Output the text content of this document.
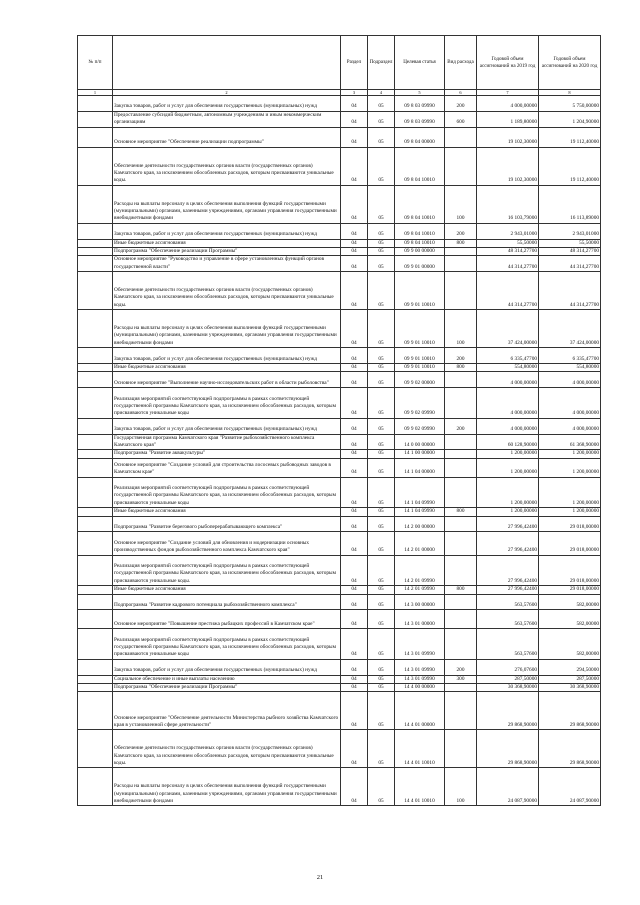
№ п/п		Раздел	Подраздел	Целевая статья	Вид расхода	Годовой объем ассигнований на 2019 год	Годовой объем ассигнований на 2020 год
1	2	3	4	5	6	7	8
	Закупка товаров, работ и услуг для обеспечения государственных (муниципальных) нужд	04	05	09 8 03 09990	200	4 000,00000	5 750,00000
	Предоставление субсидий бюджетным, автономным учреждениям и иным некоммерческим организациям	04	05	09 8 03 09990	600	1 189,80000	1 204,90000
	Основное мероприятие "Обеспечение реализации подпрограммы"	04	05	09 8 04 00000		19 102,30000	19 112,40000
	Обеспечение деятельности государственных органов власти (государственных органов) Камчатского края, за исключением обособленных расходов, которым присваиваются уникальные коды.	04	05	09 8 04 10010		19 102,30000	19 112,40000
	Расходы на выплаты персоналу в целях обеспечения выполнения функций государственными (муниципальными) органами, казенными учреждениями, органами управления государственными внебюджетными фондами	04	05	09 8 04 10010	100	16 103,79000	16 113,89000
	Закупка товаров, работ и услуг для обеспечения государственных (муниципальных) нужд	04	05	09 8 04 10010	200	2 943,01000	2 943,01000
	Иные бюджетные ассигнования	04	05	09 8 04 10010	800	55,50000	55,50000
	Подпрограмма "Обеспечение реализации Программы"	04	05	09 9 00 00000		48 314,27700	48 314,27700
	Основное мероприятие "Руководство и управление в сфере установленных функций органов государственной власти"	04	05	09 9 01 00000		44 314,27700	44 314,27700
	Обеспечение деятельности государственных органов власти (государственных органов) Камчатского края, за исключением обособленных расходов, которым присваиваются уникальные коды.	04	05	09 9 01 10010		44 314,27700	44 314,27700
	Расходы на выплаты персоналу в целях обеспечения выполнения функций государственными (муниципальными) органами, казенными учреждениями, органами управления государственными внебюджетными фондами	04	05	09 9 01 10010	100	37 424,00000	37 424,00000
	Закупка товаров, работ и услуг для обеспечения государственных (муниципальных) нужд	04	05	09 9 01 10010	200	6 335,47700	6 335,47700
	Иные бюджетные ассигнования	04	05	09 9 01 10010	800	554,80000	554,80000
	Основное мероприятие "Выполнение научно-исследовательских работ в области рыболовства"	04	05	09 9 02 00000		4 000,00000	4 000,00000
	Реализация мероприятий соответствующей подпрограммы в рамках соответствующей государственной программы Камчатского края, за исключением обособленных расходов, которым присваиваются уникальные коды	04	05	09 9 02 09990		4 000,00000	4 000,00000
	Закупка товаров, работ и услуг для обеспечения государственных (муниципальных) нужд	04	05	09 9 02 09990	200	4 000,00000	4 000,00000
	Государственная программа Камчатского края "Развитие рыбохозяйственного комплекса Камчатского края"	04	05	14 0 00 00000		60 128,90000	61 368,90000
	Подпрограмма "Развитие аквакультуры"	04	05	14 1 00 00000		1 200,00000	1 200,00000
	Основное мероприятие "Создание условий для строительства лососевых рыбоводных заводов в Камчатском крае"	04	05	14 1 04 00000		1 200,00000	1 200,00000
	Реализация мероприятий соответствующей подпрограммы в рамках соответствующей государственной программы Камчатского края, за исключением обособленных расходов, которым присваиваются уникальные коды	04	05	14 1 04 09990		1 200,00000	1 200,00000
	Иные бюджетные ассигнования	04	05	14 1 04 09990	800	1 200,00000	1 200,00000
	Подпрограмма "Развитие берегового рыбоперерабатывающего комплекса"	04	05	14 2 00 00000		27 996,42400	29 018,00000
	Основное мероприятие "Создание условий для обновления и модернизации основных производственных фондов рыбохозяйственного комплекса Камчатского края"	04	05	14 2 01 00000		27 996,42400	29 018,00000
	Реализация мероприятий соответствующей подпрограммы в рамках соответствующей государственной программы Камчатского края, за исключением обособленных расходов, которым присваиваются уникальные коды.	04	05	14 2 01 09990		27 996,42400	29 018,00000
	Иные бюджетные ассигнования	04	05	14 2 01 09990	800	27 996,42400	29 018,00000
	Подпрограмма "Развитие кадрового потенциала рыбохозяйственного комплекса"	04	05	14 3 00 00000		563,57600	582,00000
	Основное мероприятие "Повышение престижа рыбацких профессий в Камчатском крае"	04	05	14 3 01 00000		563,57600	582,00000
	Реализация мероприятий соответствующей подпрограммы в рамках соответствующей государственной программы Камчатского края, за исключением обособленных расходов, которым присваиваются уникальные коды	04	05	14 3 01 09990		563,57600	582,00000
	Закупка товаров, работ и услуг для обеспечения государственных (муниципальных) нужд	04	05	14 3 01 09990	200	276,07600	294,50000
	Социальное обеспечение и иные выплаты населению	04	05	14 3 01 09990	300	287,50000	287,50000
	Подпрограмма "Обеспечение реализации Программы"	04	05	14 4 00 00000		30 368,90000	30 368,90000
	Основное мероприятие "Обеспечение деятельности Министерства рыбного хозяйства Камчатского края в установленной сфере деятельности"	04	05	14 4 01 00000		29 868,90000	29 868,90000
	Обеспечение деятельности государственных органов власти (государственных органов) Камчатского края, за исключением обособленных расходов, которым присваиваются уникальные коды.	04	05	14 4 01 10010		29 868,90000	29 868,90000
	Расходы на выплаты персоналу в целях обеспечения выполнения функций государственными (муниципальными) органами, казенными учреждениями, органами управления государственными внебюджетными фондами	04	05	14 4 01 10010	100	24 087,90000	24 087,90000
21
